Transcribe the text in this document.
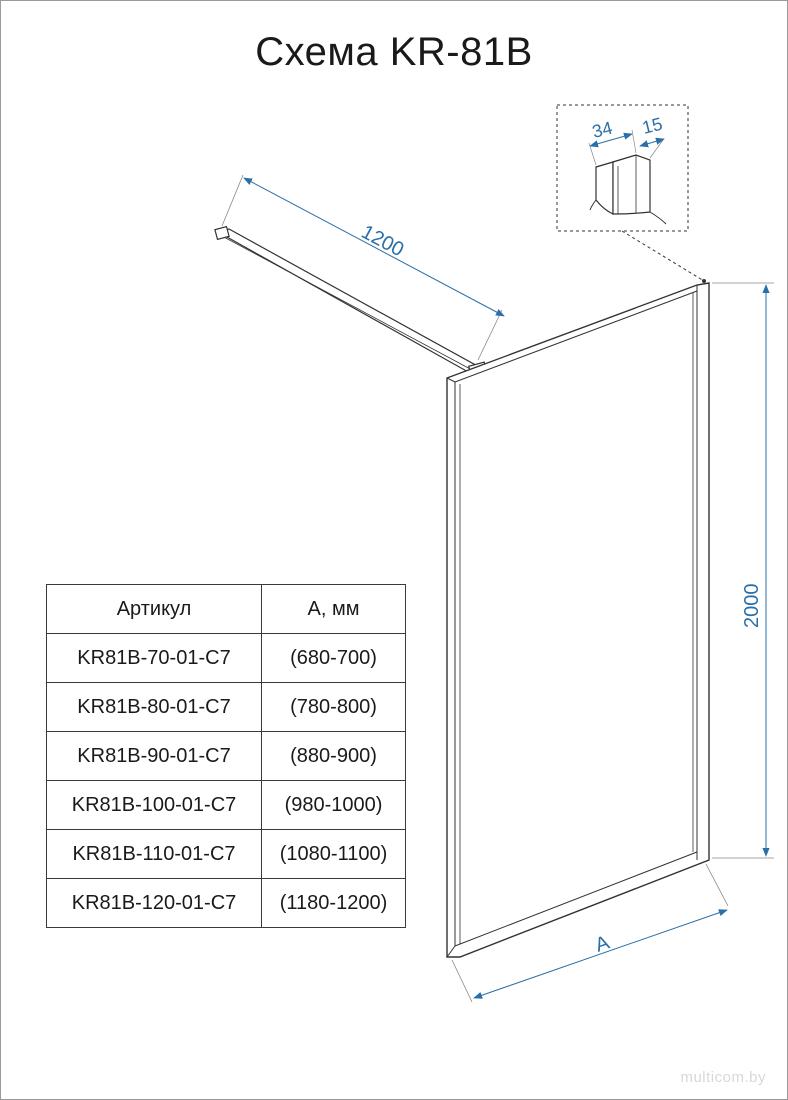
Схема KR-81B
1200
2000
A
34 15
Артикул	А, мм
KR81B-70-01-C7	(680-700)
KR81B-80-01-C7	(780-800)
KR81B-90-01-C7	(880-900)
KR81B-100-01-C7	(980-1000)
KR81B-110-01-C7	(1080-1100)
KR81B-120-01-C7	(1180-1200)
multicom.by
